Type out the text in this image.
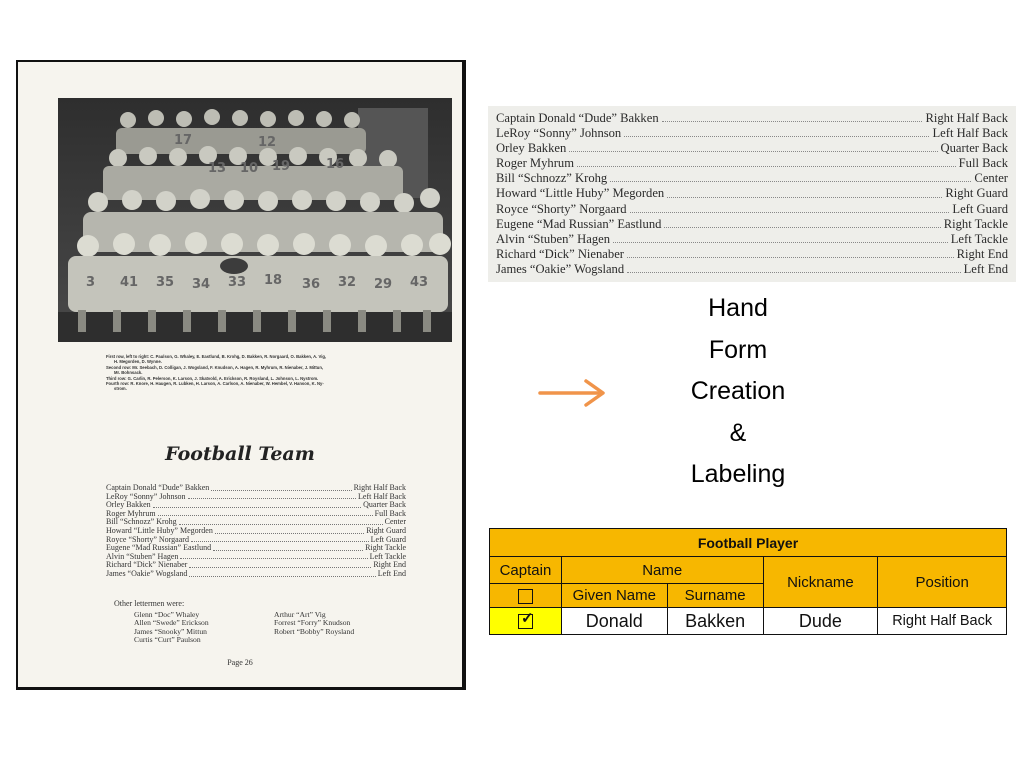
3 41 35 34 33 18 36 32 29 43
13 10 19	16
17	12
First row, left to right: C. Paulson, G. Whaley, E. Eastlund, B. Krohg, D. Bakken, R. Norgaard, O. Bakken, A. Vig,
H. Megorden, D. Wynne.
Second row: Mr. Seebach, D. Colligan, J. Wogsland, F. Knudson, A. Hagen, R. Myhrum, R. Nienaber, J. Mittun,
Mr. Bohnsack.
Third row: G. Carlin, R. Pelerson, K. Larson, J. Skatvold, A. Erickson, R. Roysland, L. Johnson, L. Nystrom.
Fourth row: R. Knore, H. Haugen, R. Lubken, H. Larson, A. Carlson, A. Nienaber, W. Hembel, V. Hanson, K. Ny-
strom.
Football Team
Captain Donald “Dude” Bakken	Right Half Back
LeRoy “Sonny” Johnson	Left Half Back
Orley Bakken	Quarter Back
Roger Myhrum	Full Back
Bill “Schnozz” Krohg	Center
Howard “Little Huby” Megorden	Right Guard
Royce “Shorty” Norgaard	Left Guard
Eugene “Mad Russian” Eastlund	Right Tackle
Alvin “Stuben” Hagen	Left Tackle
Richard “Dick” Nienaber	Right End
James “Oakie” Wogsland	Left End
Other lettermen were:
Glenn “Doc” Whaley
Allen “Swede” Erickson
James “Snooky” Mittun
Curtis “Curt” Paulson
Arthur “Art” Vig
Forrest “Forry” Knudson
Robert “Bobby” Roysland
Page 26
Captain Donald “Dude” Bakken	Right Half Back
LeRoy “Sonny” Johnson	Left Half Back
Orley Bakken	Quarter Back
Roger Myhrum	Full Back
Bill “Schnozz” Krohg	Center
Howard “Little Huby” Megorden	Right Guard
Royce “Shorty” Norgaard	Left Guard
Eugene “Mad Russian” Eastlund	Right Tackle
Alvin “Stuben” Hagen	Left Tackle
Richard “Dick” Nienaber	Right End
James “Oakie” Wogsland	Left End
Hand
Form
Creation
&
Labeling
Football Player				
Captain	Name		Nickname	Position
	Given Name	Surname		

✓	Donald	Bakken	Dude	Right Half Back
